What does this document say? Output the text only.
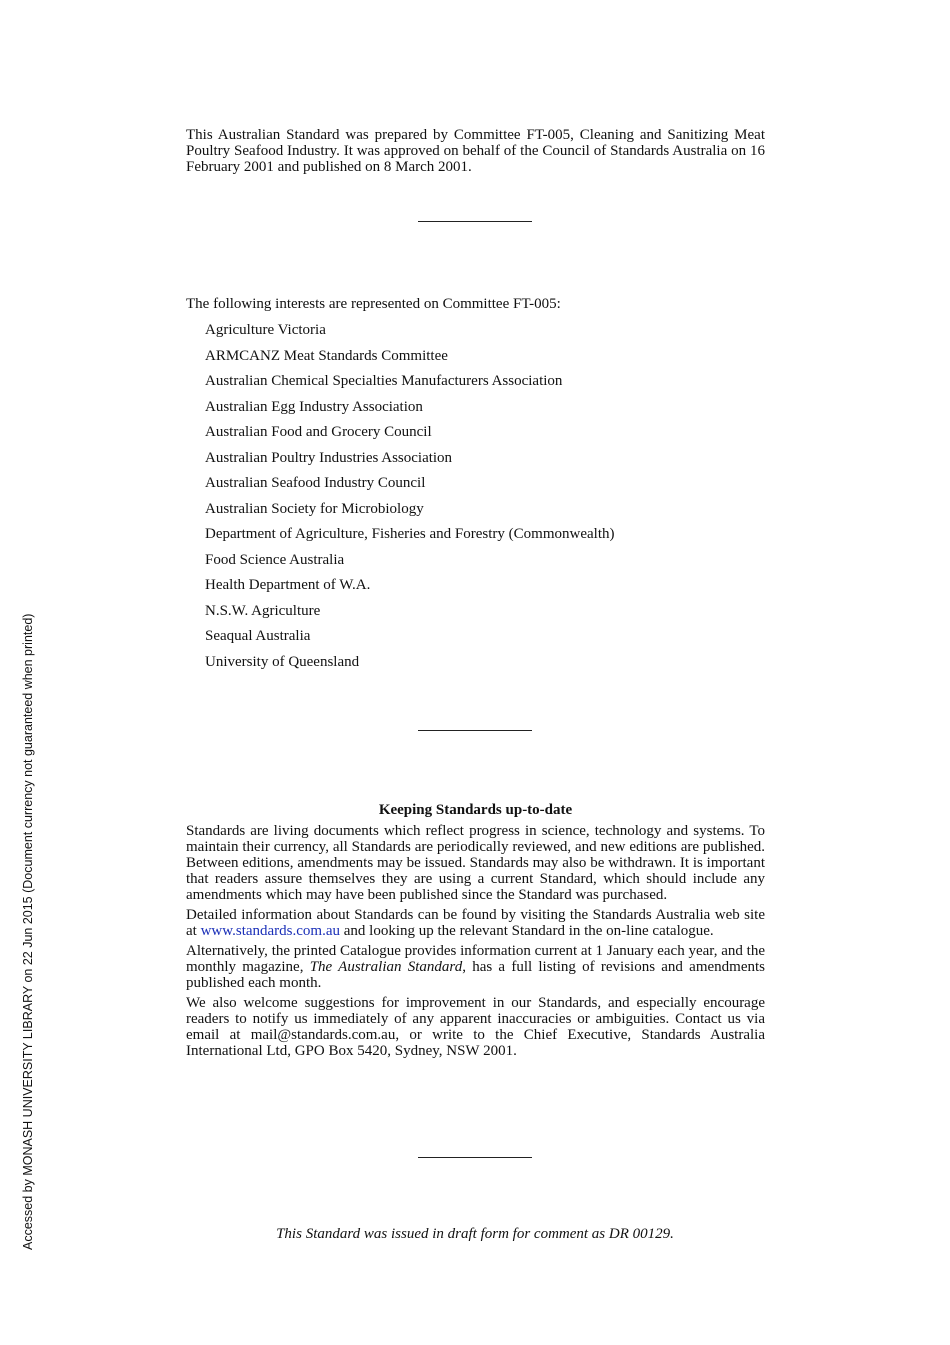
Accessed by MONASH UNIVERSITY LIBRARY on 22 Jun 2015 (Document currency not guaranteed when printed)
This Australian Standard was prepared by Committee FT-005, Cleaning and Sanitizing Meat Poultry Seafood Industry. It was approved on behalf of the Council of Standards Australia on 16 February 2001 and published on 8 March 2001.
The following interests are represented on Committee FT-005:
Agriculture Victoria
ARMCANZ Meat Standards Committee
Australian Chemical Specialties Manufacturers Association
Australian Egg Industry Association
Australian Food and Grocery Council
Australian Poultry Industries Association
Australian Seafood Industry Council
Australian Society for Microbiology
Department of Agriculture, Fisheries and Forestry (Commonwealth)
Food Science Australia
Health Department of W.A.
N.S.W. Agriculture
Seaqual Australia
University of Queensland
Keeping Standards up-to-date

Standards are living documents which reflect progress in science, technology and systems. To maintain their currency, all Standards are periodically reviewed, and new editions are published. Between editions, amendments may be issued. Standards may also be withdrawn. It is important that readers assure themselves they are using a current Standard, which should include any amendments which may have been published since the Standard was purchased.

Detailed information about Standards can be found by visiting the Standards Australia web site at www.standards.com.au and looking up the relevant Standard in the on-line catalogue.

Alternatively, the printed Catalogue provides information current at 1 January each year, and the monthly magazine, The Australian Standard, has a full listing of revisions and amendments published each month.

We also welcome suggestions for improvement in our Standards, and especially encourage readers to notify us immediately of any apparent inaccuracies or ambiguities. Contact us via email at mail@standards.com.au, or write to the Chief Executive, Standards Australia International Ltd, GPO Box 5420, Sydney, NSW 2001.

This Standard was issued in draft form for comment as DR 00129.
